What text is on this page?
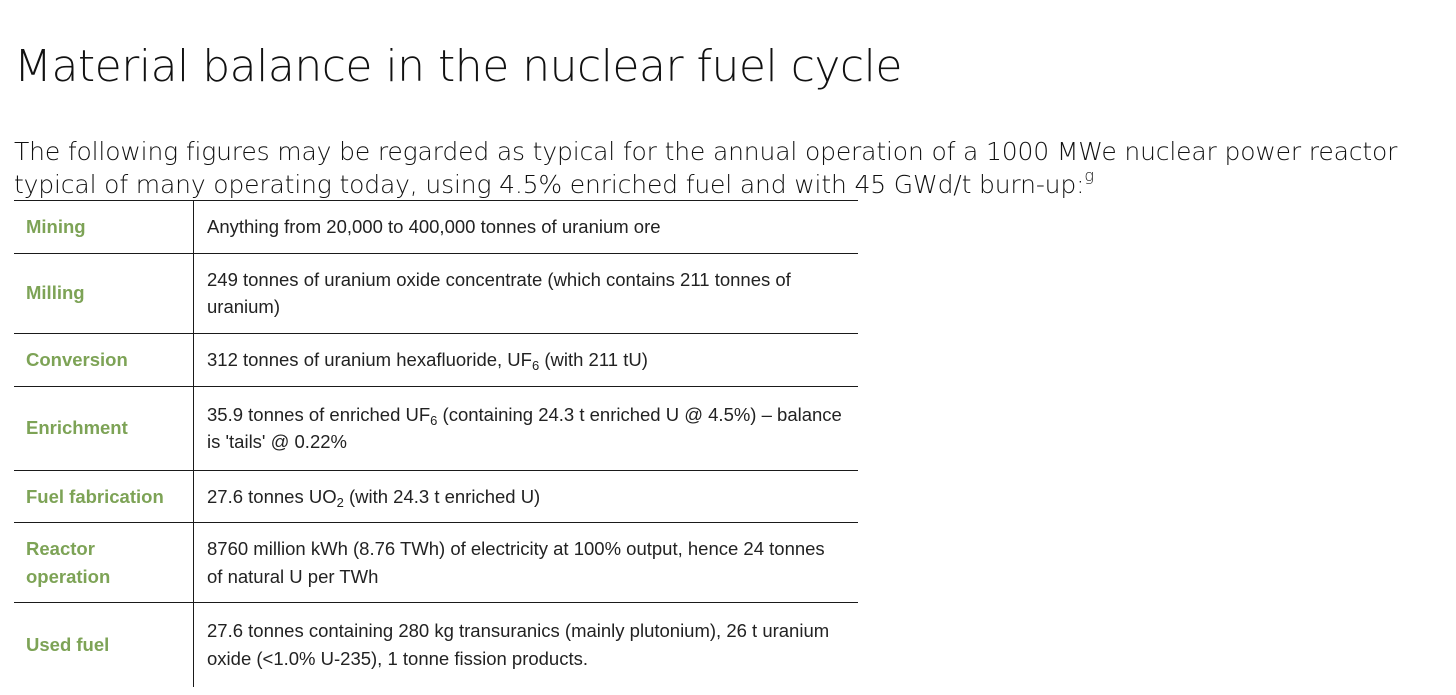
Material balance in the nuclear fuel cycle

The following figures may be regarded as typical for the annual operation of a 1000 MWe nuclear power reactor typical of many operating today, using 4.5% enriched fuel and with 45 GWd/t burn-up:$^g$

Mining	Anything from 20,000 to 400,000 tonnes of uranium ore
Milling	249 tonnes of uranium oxide concentrate (which contains 211 tonnes of uranium)
Conversion	312 tonnes of uranium hexafluoride, $UF_6$ (with 211 tU)
Enrichment	35.9 tonnes of enriched $UF_6$ (containing 24.3 t enriched U @ 4.5%) – balance is 'tails' @ 0.22%
Fuel fabrication	27.6 tonnes $UO_2$ (with 24.3 t enriched U)
Reactor operation	8760 million kWh (8.76 TWh) of electricity at 100% output, hence 24 tonnes of natural U per TWh
Used fuel	27.6 tonnes containing 280 kg transuranics (mainly plutonium), 26 t uranium oxide (<1.0% U-235), 1 tonne fission products.
